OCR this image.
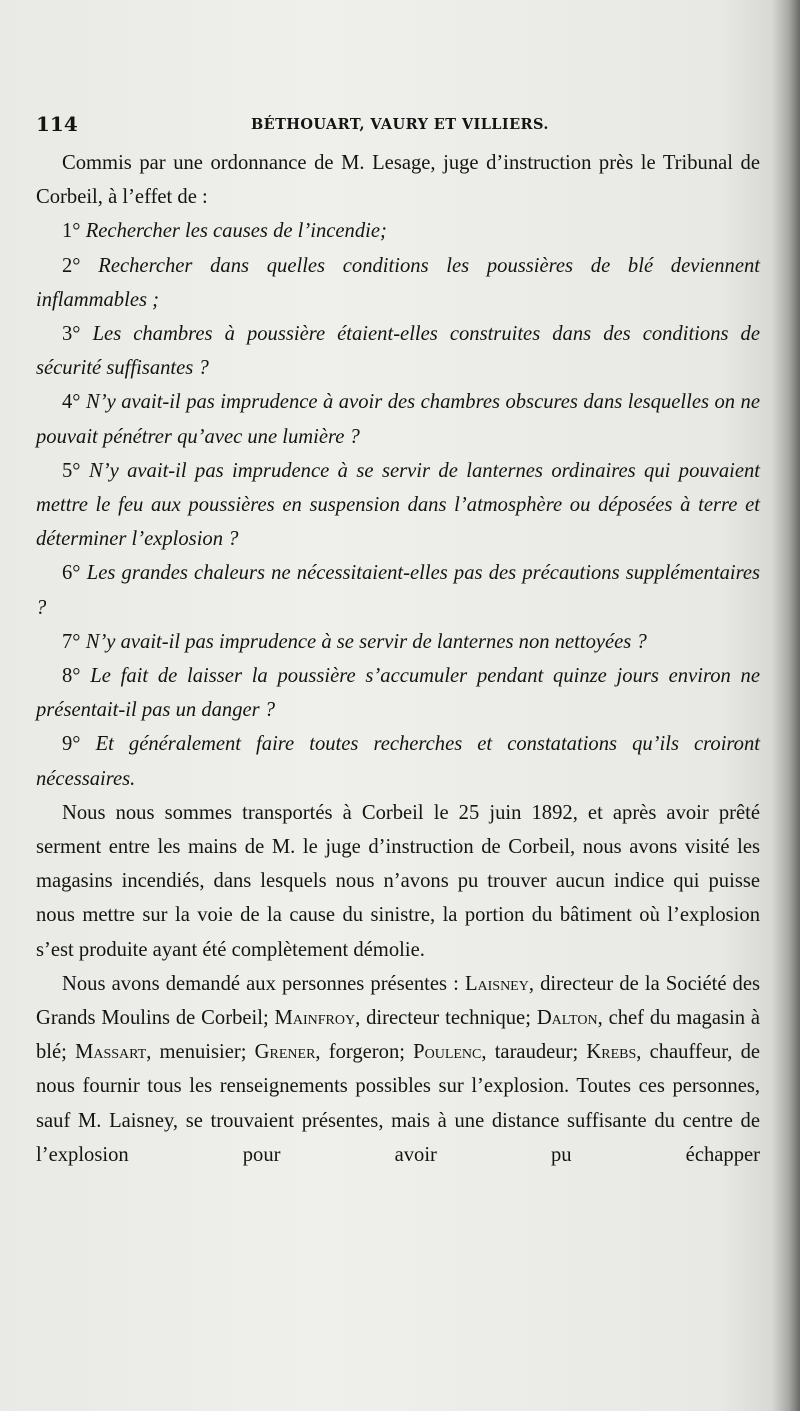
114	BÉTHOUART, VAURY ET VILLIERS.

Commis par une ordonnance de M. Lesage, juge d’instruction près le Tribunal de Corbeil, à l’effet de :

1° Rechercher les causes de l’incendie;

2° Rechercher dans quelles conditions les poussières de blé deviennent inflammables ;

3° Les chambres à poussière étaient-elles construites dans des conditions de sécurité suffisantes ?

4° N’y avait-il pas imprudence à avoir des chambres obscures dans lesquelles on ne pouvait pénétrer qu’avec une lumière ?

5° N’y avait-il pas imprudence à se servir de lanternes ordinaires qui pouvaient mettre le feu aux poussières en suspension dans l’atmosphère ou déposées à terre et déterminer l’explosion ?

6° Les grandes chaleurs ne nécessitaient-elles pas des précautions supplémentaires ?

7° N’y avait-il pas imprudence à se servir de lanternes non nettoyées ?

8° Le fait de laisser la poussière s’accumuler pendant quinze jours environ ne présentait-il pas un danger ?

9° Et généralement faire toutes recherches et constatations qu’ils croiront nécessaires.

Nous nous sommes transportés à Corbeil le 25 juin 1892, et après avoir prêté serment entre les mains de M. le juge d’instruction de Corbeil, nous avons visité les magasins incendiés, dans lesquels nous n’avons pu trouver aucun indice qui puisse nous mettre sur la voie de la cause du sinistre, la portion du bâtiment où l’explosion s’est produite ayant été complètement démolie.

Nous avons demandé aux personnes présentes : Laisney, directeur de la Société des Grands Moulins de Corbeil; Mainfroy, directeur technique; Dalton, chef du magasin à blé; Massart, menuisier; Grener, forgeron; Poulenc, taraudeur; Krebs, chauffeur, de nous fournir tous les renseignements possibles sur l’explosion. Toutes ces personnes, sauf M. Laisney, se trouvaient présentes, mais à une distance suffisante du centre de l’explosion pour avoir pu échapper
